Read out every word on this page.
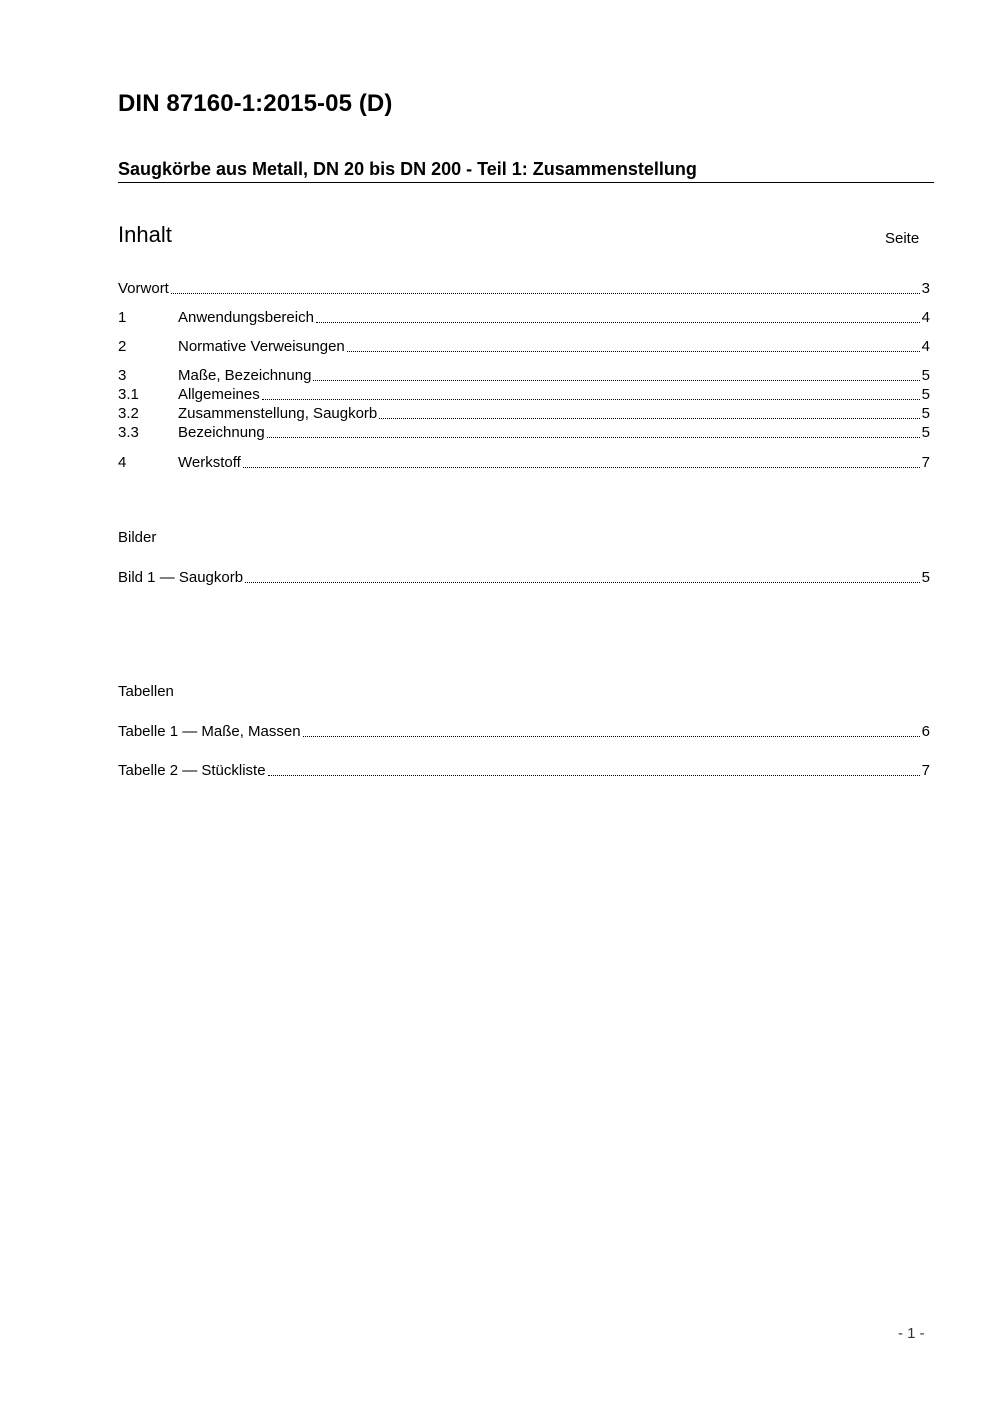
DIN 87160-1:2015-05 (D)
Saugkörbe aus Metall, DN 20 bis DN 200 - Teil 1: Zusammenstellung
Inhalt	Seite
Vorwort	3
1	Anwendungsbereich	4
2	Normative Verweisungen	4
3	Maße, Bezeichnung	5
3.1	Allgemeines	5
3.2	Zusammenstellung, Saugkorb	5
3.3	Bezeichnung	5
4	Werkstoff	7
Bilder
Bild 1 — Saugkorb	5
Tabellen
Tabelle 1 — Maße, Massen	6
Tabelle 2 — Stückliste	7
- 1 -
